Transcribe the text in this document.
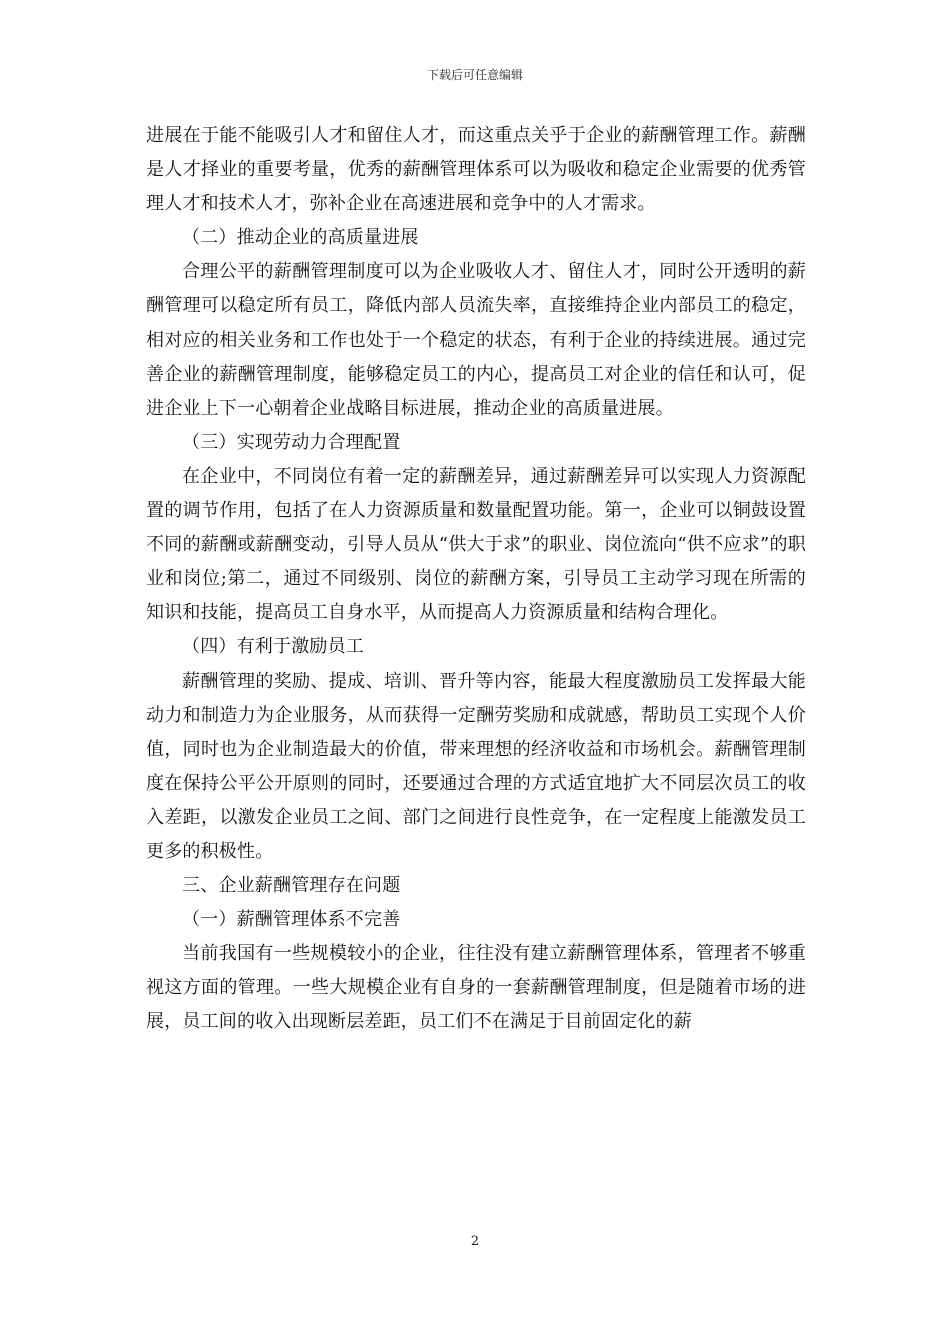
下载后可任意编辑

进展在于能不能吸引人才和留住人才，而这重点关乎于企业的薪酬管理工作。薪酬是人才择业的重要考量，优秀的薪酬管理体系可以为吸收和稳定企业需要的优秀管理人才和技术人才，弥补企业在高速进展和竞争中的人才需求。

（二）推动企业的高质量进展

合理公平的薪酬管理制度可以为企业吸收人才、留住人才，同时公开透明的薪酬管理可以稳定所有员工，降低内部人员流失率，直接维持企业内部员工的稳定，相对应的相关业务和工作也处于一个稳定的状态，有利于企业的持续进展。通过完善企业的薪酬管理制度，能够稳定员工的内心，提高员工对企业的信任和认可，促进企业上下一心朝着企业战略目标进展，推动企业的高质量进展。

（三）实现劳动力合理配置

在企业中，不同岗位有着一定的薪酬差异，通过薪酬差异可以实现人力资源配置的调节作用，包括了在人力资源质量和数量配置功能。第一，企业可以铜鼓设置不同的薪酬或薪酬变动，引导人员从“供大于求”的职业、岗位流向“供不应求”的职业和岗位;第二，通过不同级别、岗位的薪酬方案，引导员工主动学习现在所需的知识和技能，提高员工自身水平，从而提高人力资源质量和结构合理化。

（四）有利于激励员工

薪酬管理的奖励、提成、培训、晋升等内容，能最大程度激励员工发挥最大能动力和制造力为企业服务，从而获得一定酬劳奖励和成就感，帮助员工实现个人价值，同时也为企业制造最大的价值，带来理想的经济收益和市场机会。薪酬管理制度在保持公平公开原则的同时，还要通过合理的方式适宜地扩大不同层次员工的收入差距，以激发企业员工之间、部门之间进行良性竞争，在一定程度上能激发员工更多的积极性。

三、企业薪酬管理存在问题

（一）薪酬管理体系不完善

当前我国有一些规模较小的企业，往往没有建立薪酬管理体系，管理者不够重视这方面的管理。一些大规模企业有自身的一套薪酬管理制度，但是随着市场的进展，员工间的收入出现断层差距，员工们不在满足于目前固定化的薪

2
